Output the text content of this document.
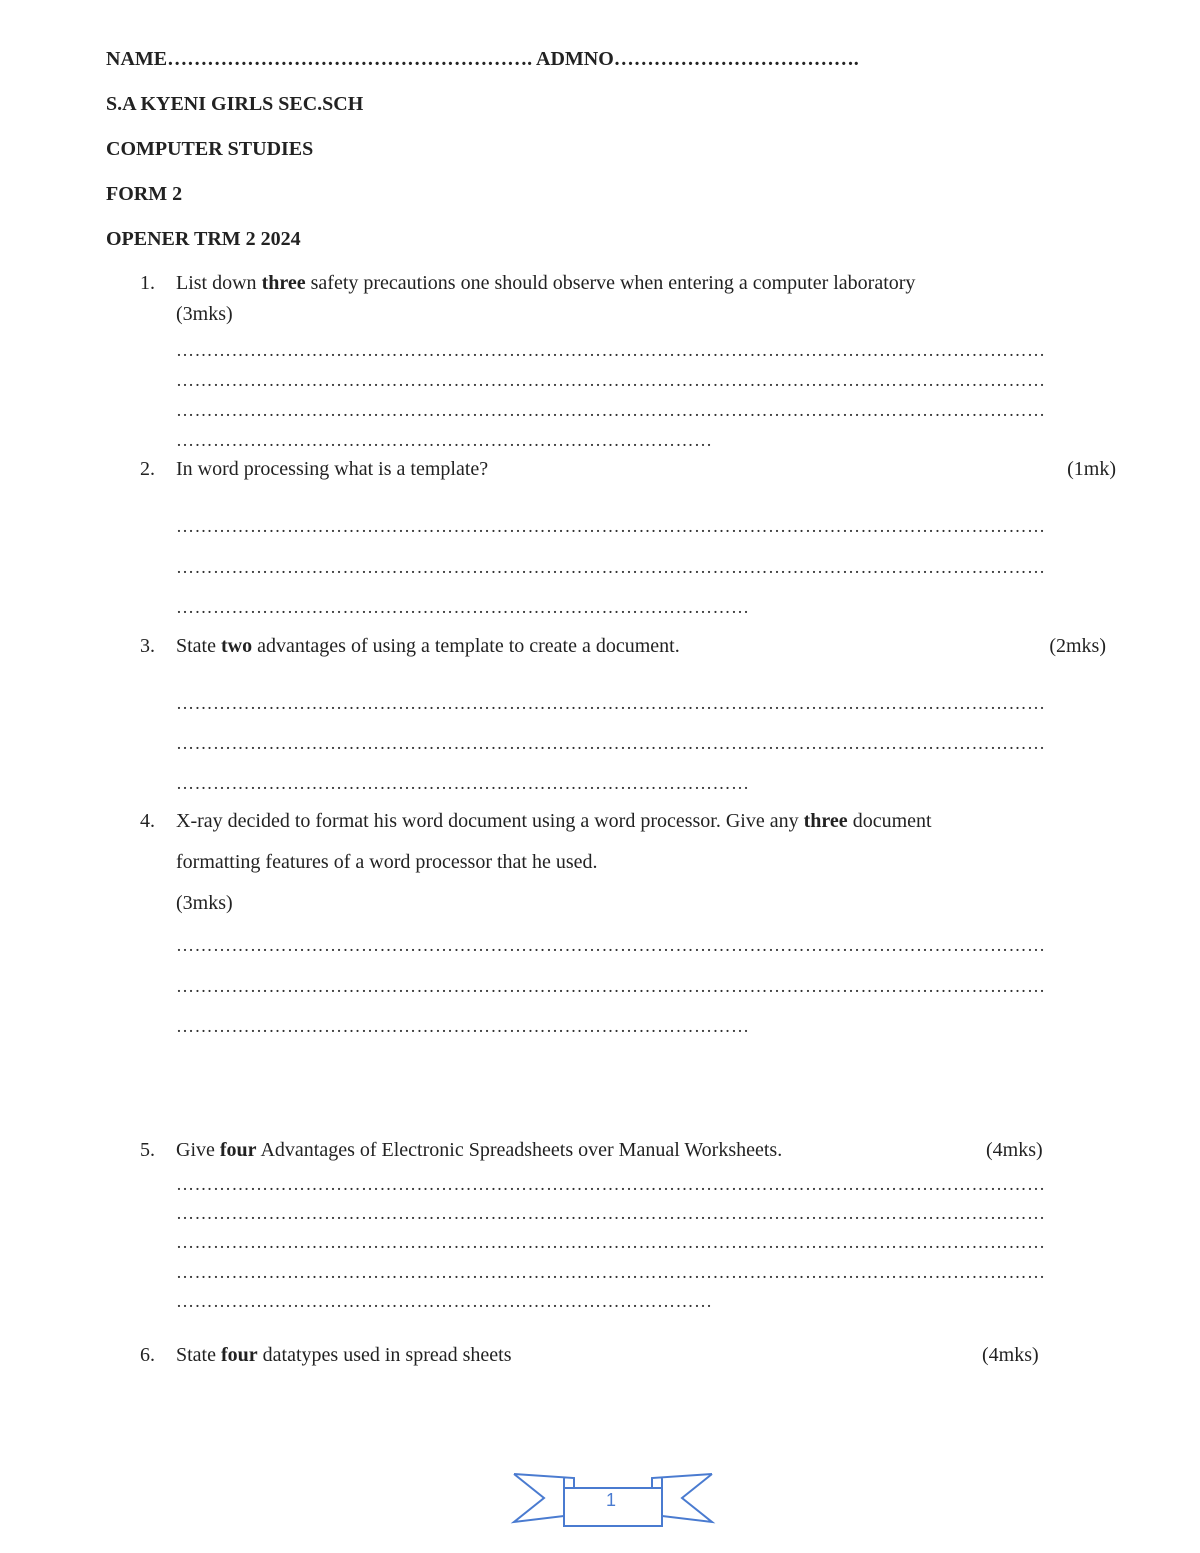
NAME………………………………………………. ADMNO……………………………….
S.A KYENI GIRLS SEC.SCH
COMPUTER STUDIES
FORM 2
OPENER TRM 2 2024
1. List down three safety precautions one should observe when entering a computer laboratory
(3mks)
……………………………………………………………………………………………………………………………
……………………………………………………………………………………………………………………………
……………………………………………………………………………………………………………………………
……………………………………………………………………………
2. In word processing what is a template?	(1mk)
……………………………………………………………………………………………………………………………
……………………………………………………………………………………………………………………………
…………………………………………………………………………………
3. State two advantages of using a template to create a document.	(2mks)
……………………………………………………………………………………………………………………………
……………………………………………………………………………………………………………………………
…………………………………………………………………………………
4. X-ray decided to format his word document using a word processor. Give any three document
formatting features of a word processor that he used.
(3mks)
……………………………………………………………………………………………………………………………
……………………………………………………………………………………………………………………………
…………………………………………………………………………………
5. Give four Advantages of Electronic Spreadsheets over Manual Worksheets.	(4mks)
……………………………………………………………………………………………………………………………
……………………………………………………………………………………………………………………………
……………………………………………………………………………………………………………………………
……………………………………………………………………………………………………………………………
……………………………………………………………………………
6. State four datatypes used in spread sheets	(4mks)
1
